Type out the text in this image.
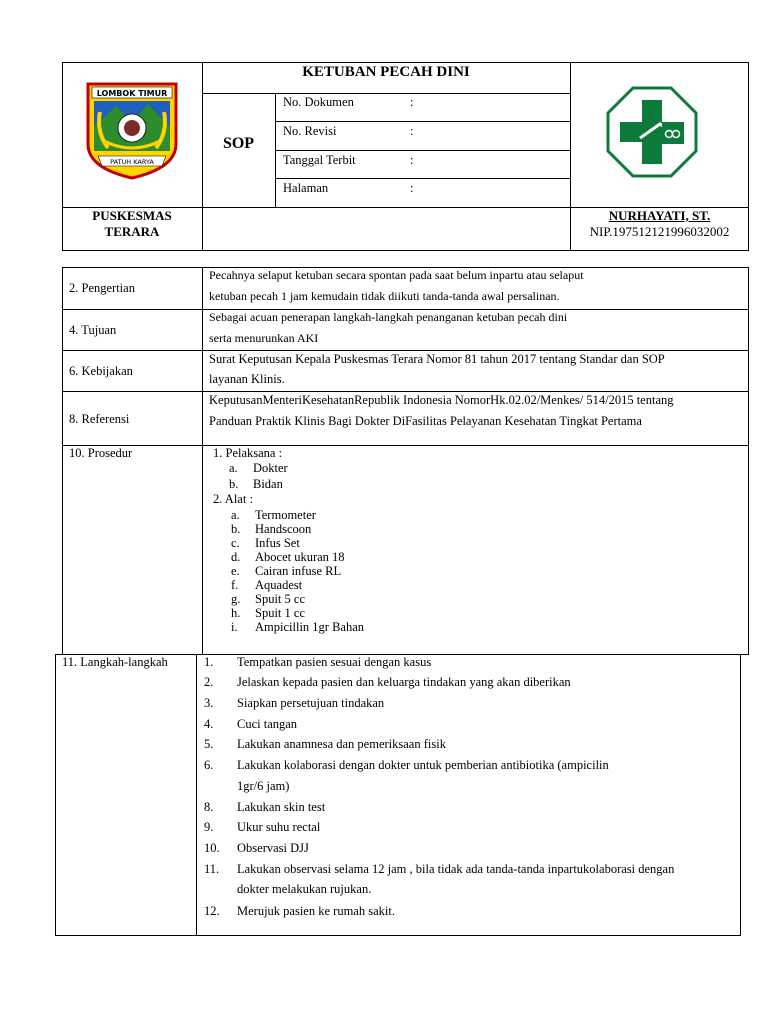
LOMBOK TIMUR
PATUH KARYA
KETUBAN PECAH DINI
SOP
No. Dokumen	:
No. Revisi	:
Tanggal Terbit	:
Halaman	:
PUSKESMAS
TERARA
NURHAYATI, ST.
NIP.197512121996032002
2. Pengertian
Pecahnya selaput ketuban secara spontan pada saat belum inpartu atau selaput
ketuban pecah 1 jam kemudain tidak diikuti tanda-tanda awal persalinan.
4. Tujuan
Sebagai acuan penerapan langkah-langkah penanganan ketuban pecah dini
serta menurunkan AKI
6. Kebijakan
Surat Keputusan Kepala Puskesmas Terara Nomor 81 tahun 2017 tentang Standar dan SOP
layanan Klinis.
8. Referensi
KeputusanMenteriKesehatanRepublik Indonesia NomorHk.02.02/Menkes/ 514/2015 tentang
Panduan Praktik Klinis Bagi Dokter DiFasilitas Pelayanan Kesehatan Tingkat Pertama
10. Prosedur	1. Pelaksana :
a. Dokter
b. Bidan
2. Alat :
a. Termometer
b. Handscoon
c. Infus Set
d. Abocet ukuran 18
e. Cairan infuse RL
f. Aquadest
g. Spuit 5 cc
h. Spuit 1 cc
i. Ampicillin 1gr Bahan
11. Langkah-langkah	1. Tempatkan pasien sesuai dengan kasus
2. Jelaskan kepada pasien dan keluarga tindakan yang akan diberikan
3. Siapkan persetujuan tindakan
4. Cuci tangan
5. Lakukan anamnesa dan pemeriksaan fisik
6. Lakukan kolaborasi dengan dokter untuk pemberian antibiotika (ampicilin
1gr/6 jam)
8. Lakukan skin test
9. Ukur suhu rectal
10. Observasi DJJ
11. Lakukan observasi selama 12 jam , bila tidak ada tanda-tanda inpartukolaborasi dengan
dokter melakukan rujukan.
12. Merujuk pasien ke rumah sakit.
